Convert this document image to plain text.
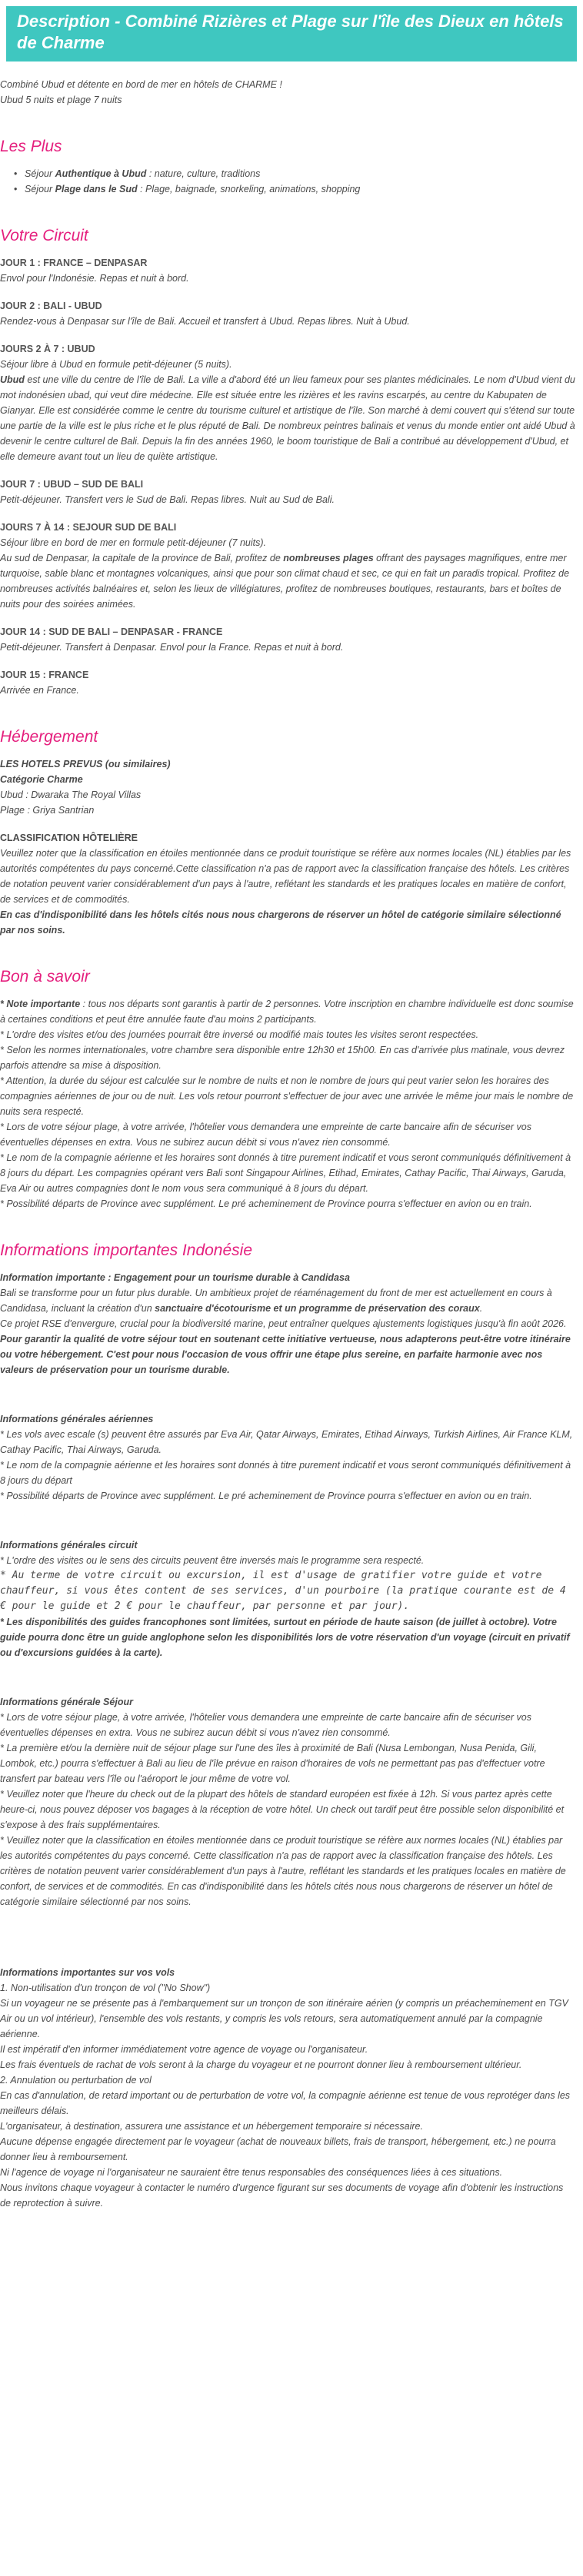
Description - Combiné Rizières et Plage sur l'île des Dieux en hôtels de Charme
Combiné Ubud et détente en bord de mer en hôtels de CHARME !
Ubud 5 nuits et plage 7 nuits
Les Plus
• Séjour Authentique à Ubud : nature, culture, traditions
• Séjour Plage dans le Sud : Plage, baignade, snorkeling, animations, shopping
Votre Circuit
JOUR 1 : FRANCE – DENPASAR
Envol pour l'Indonésie. Repas et nuit à bord.
JOUR 2 : BALI - UBUD
Rendez-vous à Denpasar sur l'île de Bali. Accueil et transfert à Ubud. Repas libres. Nuit à Ubud.
JOURS 2 À 7 : UBUD
Séjour libre à Ubud en formule petit-déjeuner (5 nuits).
Ubud est une ville du centre de l'île de Bali. La ville a d'abord été un lieu fameux pour ses plantes médicinales. Le nom d'Ubud vient du mot indonésien ubad, qui veut dire médecine. Elle est située entre les rizières et les ravins escarpés, au centre du Kabupaten de Gianyar. Elle est considérée comme le centre du tourisme culturel et artistique de l'île. Son marché à demi couvert qui s'étend sur toute une partie de la ville est le plus riche et le plus réputé de Bali. De nombreux peintres balinais et venus du monde entier ont aidé Ubud à devenir le centre culturel de Bali. Depuis la fin des années 1960, le boom touristique de Bali a contribué au développement d'Ubud, et elle demeure avant tout un lieu de quiète artistique.
JOUR 7 : UBUD – SUD DE BALI
Petit-déjeuner. Transfert vers le Sud de Bali. Repas libres. Nuit au Sud de Bali.
JOURS 7 À 14 : SEJOUR SUD DE BALI
Séjour libre en bord de mer en formule petit-déjeuner (7 nuits).
Au sud de Denpasar, la capitale de la province de Bali, profitez de nombreuses plages offrant des paysages magnifiques, entre mer turquoise, sable blanc et montagnes volcaniques, ainsi que pour son climat chaud et sec, ce qui en fait un paradis tropical. Profitez de nombreuses activités balnéaires et, selon les lieux de villégiatures, profitez de nombreuses boutiques, restaurants, bars et boîtes de nuits pour des soirées animées.
JOUR 14 : SUD DE BALI – DENPASAR - FRANCE
Petit-déjeuner. Transfert à Denpasar. Envol pour la France. Repas et nuit à bord.
JOUR 15 : FRANCE
Arrivée en France.
Hébergement
LES HOTELS PREVUS (ou similaires)
Catégorie Charme
Ubud : Dwaraka The Royal Villas
Plage : Griya Santrian
CLASSIFICATION HÔTELIÈRE
Veuillez noter que la classification en étoiles mentionnée dans ce produit touristique se réfère aux normes locales (NL) établies par les autorités compétentes du pays concerné.Cette classification n'a pas de rapport avec la classification française des hôtels. Les critères de notation peuvent varier considérablement d'un pays à l'autre, reflétant les standards et les pratiques locales en matière de confort, de services et de commodités.
En cas d'indisponibilité dans les hôtels cités nous nous chargerons de réserver un hôtel de catégorie similaire sélectionné par nos soins.
Bon à savoir
* Note importante : tous nos départs sont garantis à partir de 2 personnes. Votre inscription en chambre individuelle est donc soumise à certaines conditions et peut être annulée faute d'au moins 2 participants.
* L'ordre des visites et/ou des journées pourrait être inversé ou modifié mais toutes les visites seront respectées.
* Selon les normes internationales, votre chambre sera disponible entre 12h30 et 15h00. En cas d'arrivée plus matinale, vous devrez parfois attendre sa mise à disposition.
* Attention, la durée du séjour est calculée sur le nombre de nuits et non le nombre de jours qui peut varier selon les horaires des compagnies aériennes de jour ou de nuit. Les vols retour pourront s'effectuer de jour avec une arrivée le même jour mais le nombre de nuits sera respecté.
* Lors de votre séjour plage, à votre arrivée, l'hôtelier vous demandera une empreinte de carte bancaire afin de sécuriser vos éventuelles dépenses en extra. Vous ne subirez aucun débit si vous n'avez rien consommé.
* Le nom de la compagnie aérienne et les horaires sont donnés à titre purement indicatif et vous seront communiqués définitivement à 8 jours du départ. Les compagnies opérant vers Bali sont Singapour Airlines, Etihad, Emirates, Cathay Pacific, Thai Airways, Garuda, Eva Air ou autres compagnies dont le nom vous sera communiqué à 8 jours du départ.
* Possibilité départs de Province avec supplément. Le pré acheminement de Province pourra s'effectuer en avion ou en train.
Informations importantes Indonésie
Information importante : Engagement pour un tourisme durable à Candidasa
Bali se transforme pour un futur plus durable. Un ambitieux projet de réaménagement du front de mer est actuellement en cours à Candidasa, incluant la création d'un sanctuaire d'écotourisme et un programme de préservation des coraux.
Ce projet RSE d'envergure, crucial pour la biodiversité marine, peut entraîner quelques ajustements logistiques jusqu'à fin août 2026. Pour garantir la qualité de votre séjour tout en soutenant cette initiative vertueuse, nous adapterons peut-être votre itinéraire ou votre hébergement. C'est pour nous l'occasion de vous offrir une étape plus sereine, en parfaite harmonie avec nos valeurs de préservation pour un tourisme durable.
Informations générales aériennes
* Les vols avec escale (s) peuvent être assurés par Eva Air, Qatar Airways, Emirates, Etihad Airways, Turkish Airlines, Air France KLM, Cathay Pacific, Thai Airways, Garuda.
* Le nom de la compagnie aérienne et les horaires sont donnés à titre purement indicatif et vous seront communiqués définitivement à 8 jours du départ
* Possibilité départs de Province avec supplément. Le pré acheminement de Province pourra s'effectuer en avion ou en train.
Informations générales circuit
* L'ordre des visites ou le sens des circuits peuvent être inversés mais le programme sera respecté.
* Au terme de votre circuit ou excursion, il est d'usage de gratifier votre guide et votre chauffeur, si vous êtes content de ses services, d'un pourboire (la pratique courante est de 4 € pour le guide et 2 € pour le chauffeur, par personne et par jour).
* Les disponibilités des guides francophones sont limitées, surtout en période de haute saison (de juillet à octobre). Votre guide pourra donc être un guide anglophone selon les disponibilités lors de votre réservation d'un voyage (circuit en privatif ou d'excursions guidées à la carte).
Informations générale Séjour
* Lors de votre séjour plage, à votre arrivée, l'hôtelier vous demandera une empreinte de carte bancaire afin de sécuriser vos éventuelles dépenses en extra. Vous ne subirez aucun débit si vous n'avez rien consommé.
* La première et/ou la dernière nuit de séjour plage sur l'une des îles à proximité de Bali (Nusa Lembongan, Nusa Penida, Gili, Lombok, etc.) pourra s'effectuer à Bali au lieu de l'île prévue en raison d'horaires de vols ne permettant pas pas d'effectuer votre transfert par bateau vers l'île ou l'aéroport le jour même de votre vol.
* Veuillez noter que l'heure du check out de la plupart des hôtels de standard européen est fixée à 12h. Si vous partez après cette heure-ci, nous pouvez déposer vos bagages à la réception de votre hôtel. Un check out tardif peut être possible selon disponibilité et s'expose à des frais supplémentaires.
* Veuillez noter que la classification en étoiles mentionnée dans ce produit touristique se réfère aux normes locales (NL) établies par les autorités compétentes du pays concerné. Cette classification n'a pas de rapport avec la classification française des hôtels. Les critères de notation peuvent varier considérablement d'un pays à l'autre, reflétant les standards et les pratiques locales en matière de confort, de services et de commodités. En cas d'indisponibilité dans les hôtels cités nous nous chargerons de réserver un hôtel de catégorie similaire sélectionné par nos soins.
Informations importantes sur vos vols
1. Non-utilisation d'un tronçon de vol ("No Show")
Si un voyageur ne se présente pas à l'embarquement sur un tronçon de son itinéraire aérien (y compris un préacheminement en TGV Air ou un vol intérieur), l'ensemble des vols restants, y compris les vols retours, sera automatiquement annulé par la compagnie aérienne.
Il est impératif d'en informer immédiatement votre agence de voyage ou l'organisateur.
Les frais éventuels de rachat de vols seront à la charge du voyageur et ne pourront donner lieu à remboursement ultérieur.
2. Annulation ou perturbation de vol
En cas d'annulation, de retard important ou de perturbation de votre vol, la compagnie aérienne est tenue de vous reprotéger dans les meilleurs délais.
L'organisateur, à destination, assurera une assistance et un hébergement temporaire si nécessaire.
Aucune dépense engagée directement par le voyageur (achat de nouveaux billets, frais de transport, hébergement, etc.) ne pourra donner lieu à remboursement.
Ni l'agence de voyage ni l'organisateur ne sauraient être tenus responsables des conséquences liées à ces situations.
Nous invitons chaque voyageur à contacter le numéro d'urgence figurant sur ses documents de voyage afin d'obtenir les instructions de reprotection à suivre.
